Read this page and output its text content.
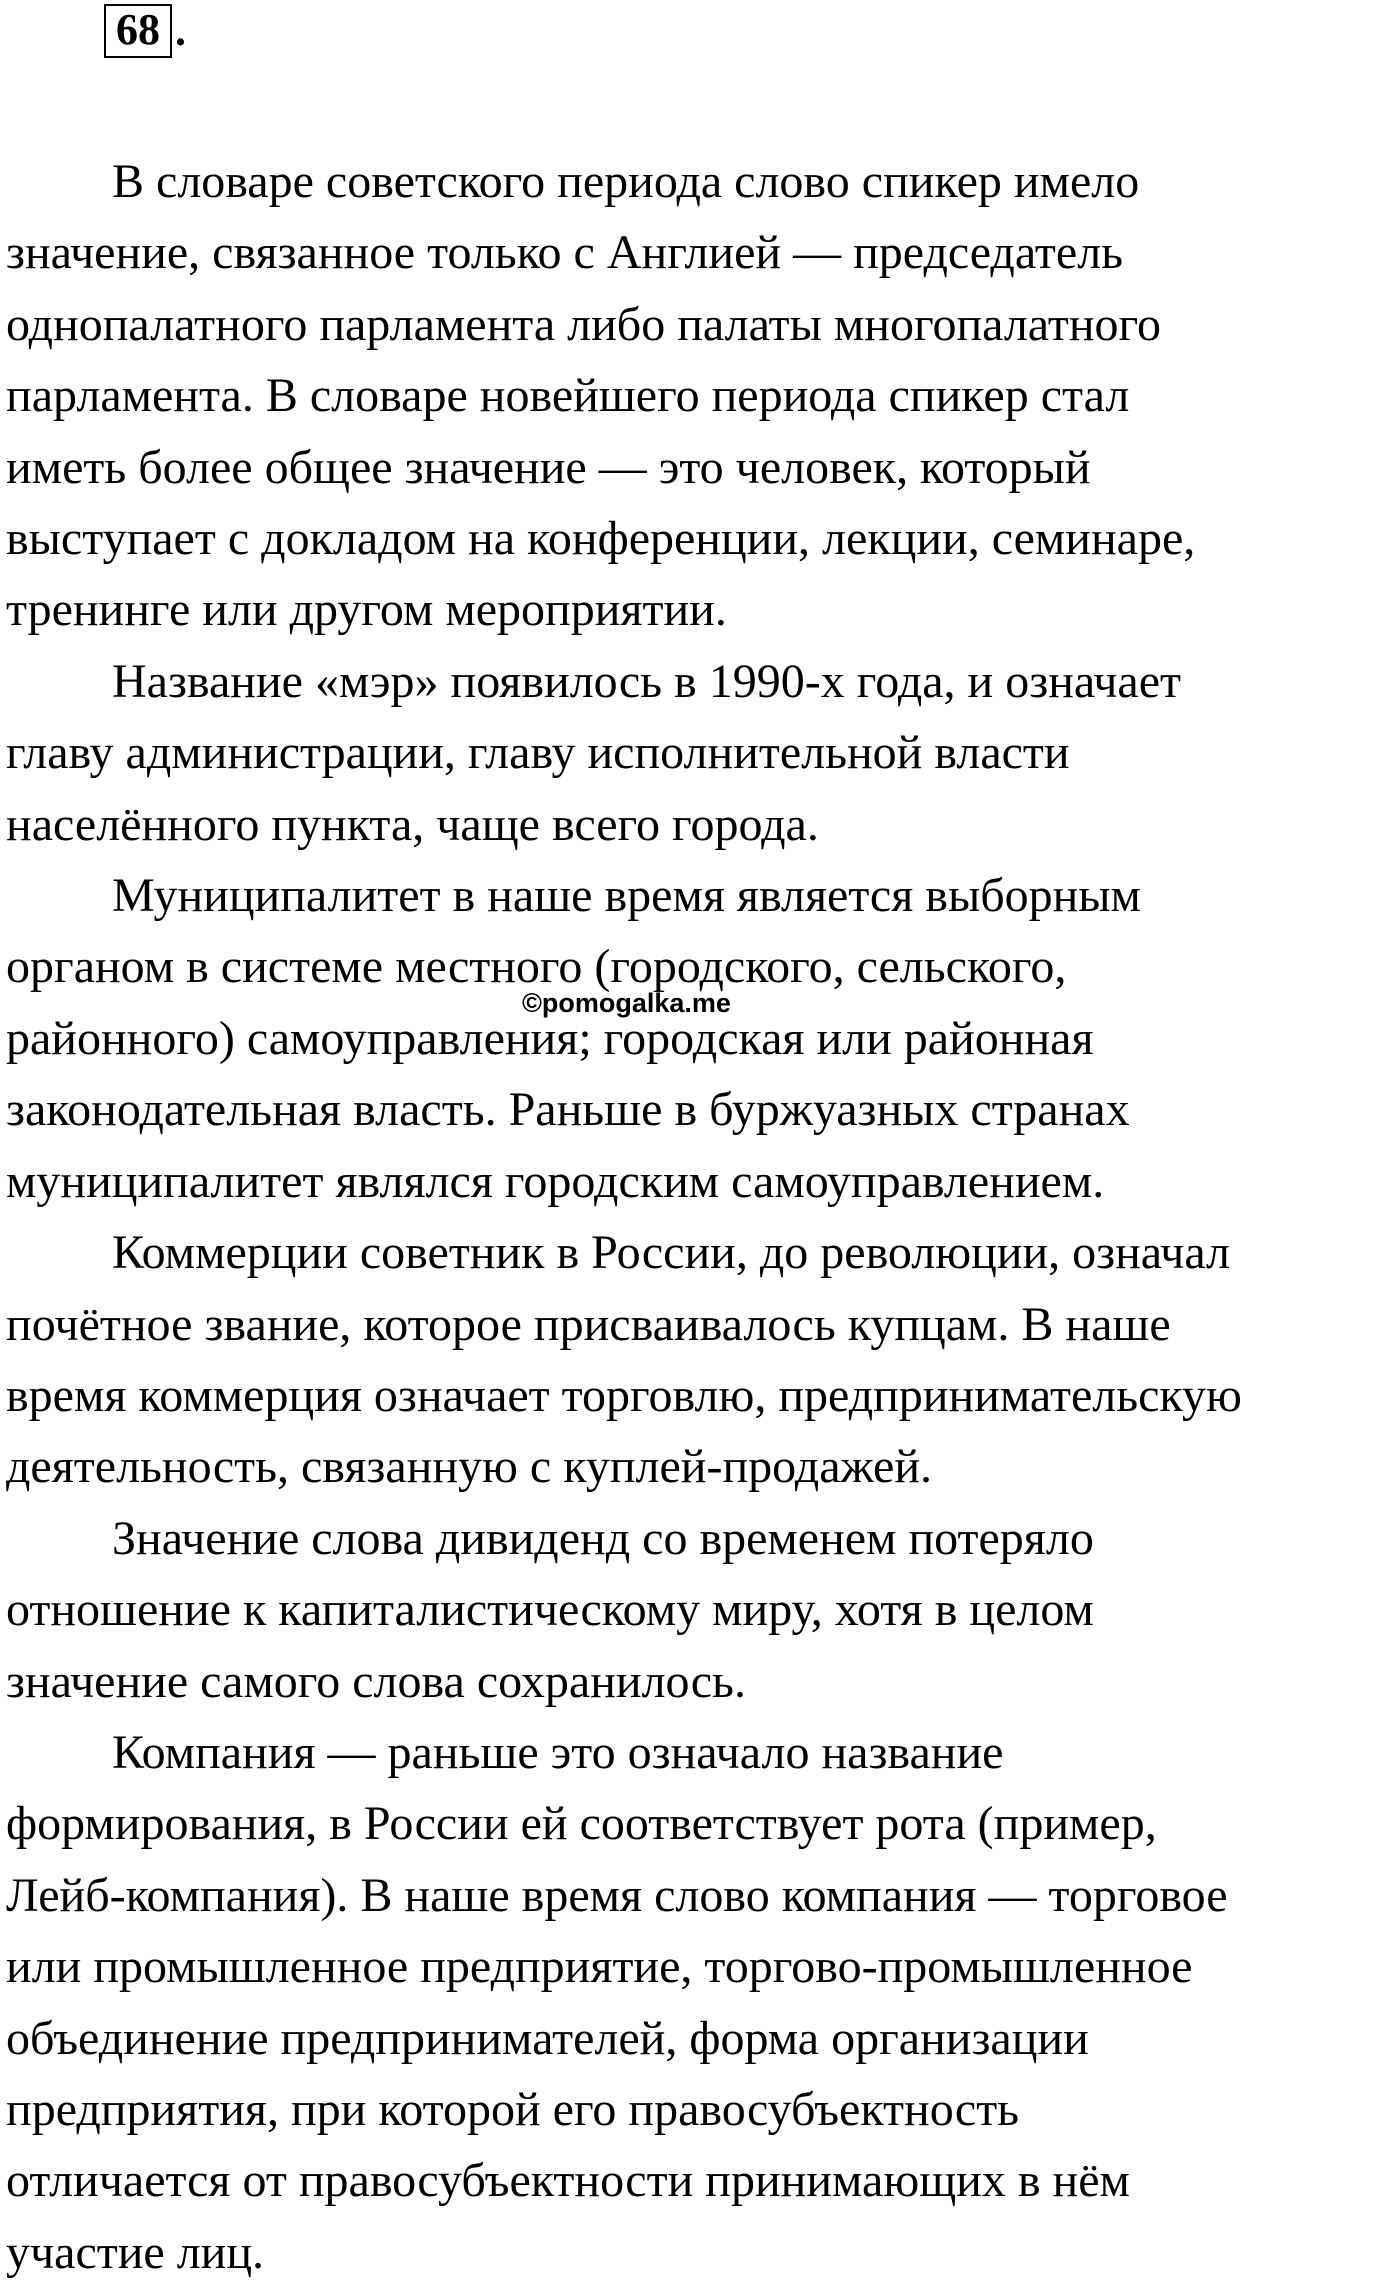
68 .

В словаре советского периода слово спикер имело
значение, связанное только с Англией — председатель
однопалатного парламента либо палаты многопалатного
парламента. В словаре новейшего периода спикер стал
иметь более общее значение — это человек, который
выступает с докладом на конференции, лекции, семинаре,
тренинге или другом мероприятии.

Название «мэр» появилось в 1990-х года, и означает
главу администрации, главу исполнительной власти
населённого пункта, чаще всего города.

Муниципалитет в наше время является выборным
органом в системе местного (городского, сельского,
районного) самоуправления; городская или районная
законодательная власть. Раньше в буржуазных странах
муниципалитет являлся городским самоуправлением.

Коммерции советник в России, до революции, означал
почётное звание, которое присваивалось купцам. В наше
время коммерция означает торговлю, предпринимательскую
деятельность, связанную с куплей-продажей.

Значение слова дивиденд со временем потеряло
отношение к капиталистическому миру, хотя в целом
значение самого слова сохранилось.

Компания — раньше это означало название
формирования, в России ей соответствует рота (пример,
Лейб-компания). В наше время слово компания — торговое
или промышленное предприятие, торгово-промышленное
объединение предпринимателей, форма организации
предприятия, при которой его правосубъектность
отличается от правосубъектности принимающих в нём
участие лиц.

©pomogalka.me
